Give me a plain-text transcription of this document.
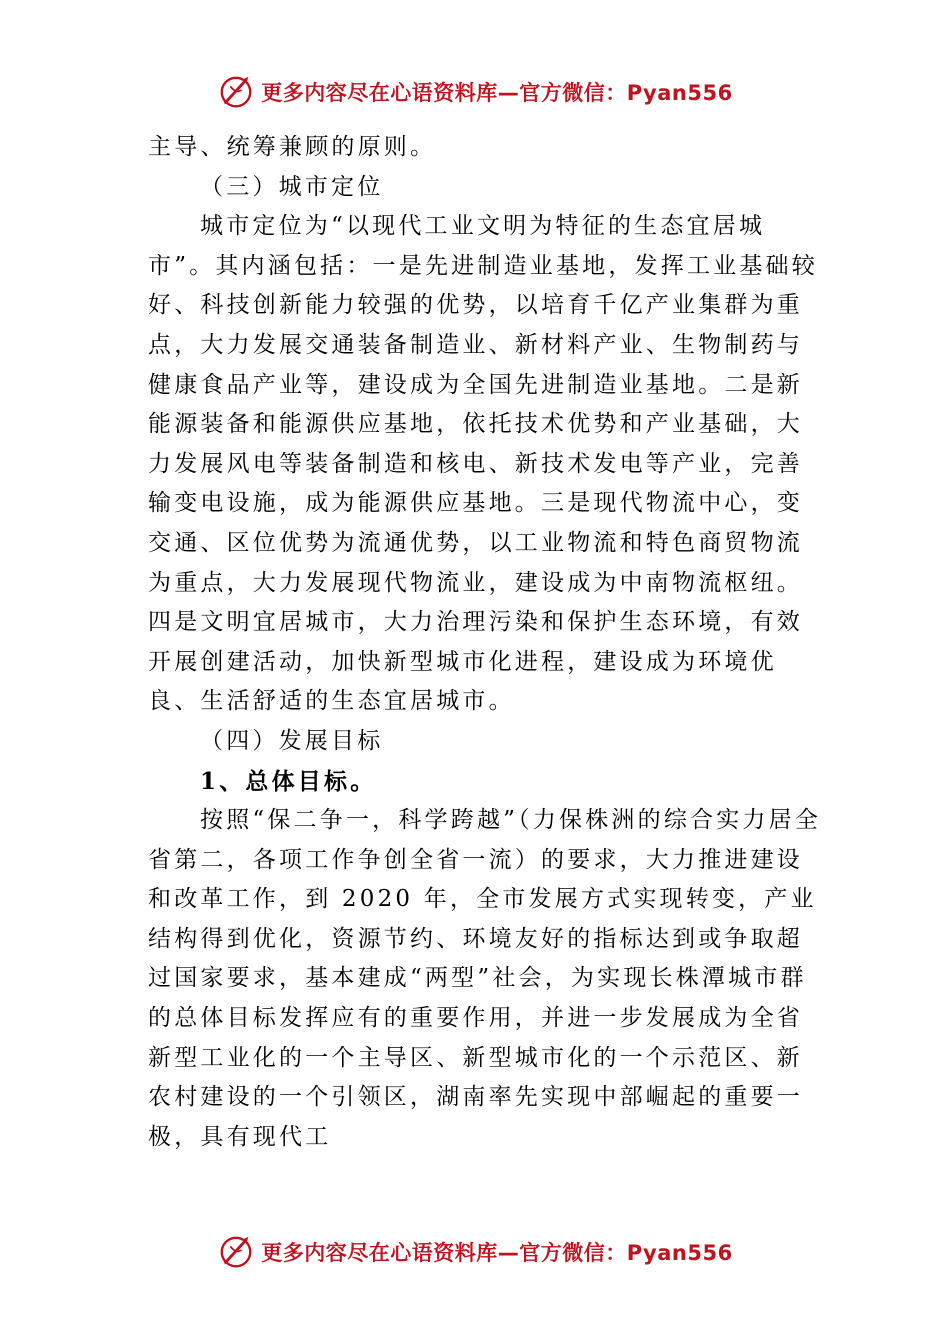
更多内容尽在心语资料库—官方微信：Pyan556

主导、统筹兼顾的原则。

（三）城市定位

城市定位为“以现代工业文明为特征的生态宜居城市”。其内涵包括：一是先进制造业基地，发挥工业基础较好、科技创新能力较强的优势，以培育千亿产业集群为重点，大力发展交通装备制造业、新材料产业、生物制药与健康食品产业等，建设成为全国先进制造业基地。二是新能源装备和能源供应基地，依托技术优势和产业基础，大力发展风电等装备制造和核电、新技术发电等产业，完善输变电设施，成为能源供应基地。三是现代物流中心，变交通、区位优势为流通优势，以工业物流和特色商贸物流为重点，大力发展现代物流业，建设成为中南物流枢纽。四是文明宜居城市，大力治理污染和保护生态环境，有效开展创建活动，加快新型城市化进程，建设成为环境优良、生活舒适的生态宜居城市。

（四）发展目标

1、总体目标。

按照“保二争一，科学跨越”（力保株洲的综合实力居全省第二，各项工作争创全省一流）的要求，大力推进建设和改革工作，到 2020 年，全市发展方式实现转变，产业结构得到优化，资源节约、环境友好的指标达到或争取超过国家要求，基本建成“两型”社会，为实现长株潭城市群的总体目标发挥应有的重要作用，并进一步发展成为全省新型工业化的一个主导区、新型城市化的一个示范区、新农村建设的一个引领区，湖南率先实现中部崛起的重要一极，具有现代工

更多内容尽在心语资料库—官方微信：Pyan556
